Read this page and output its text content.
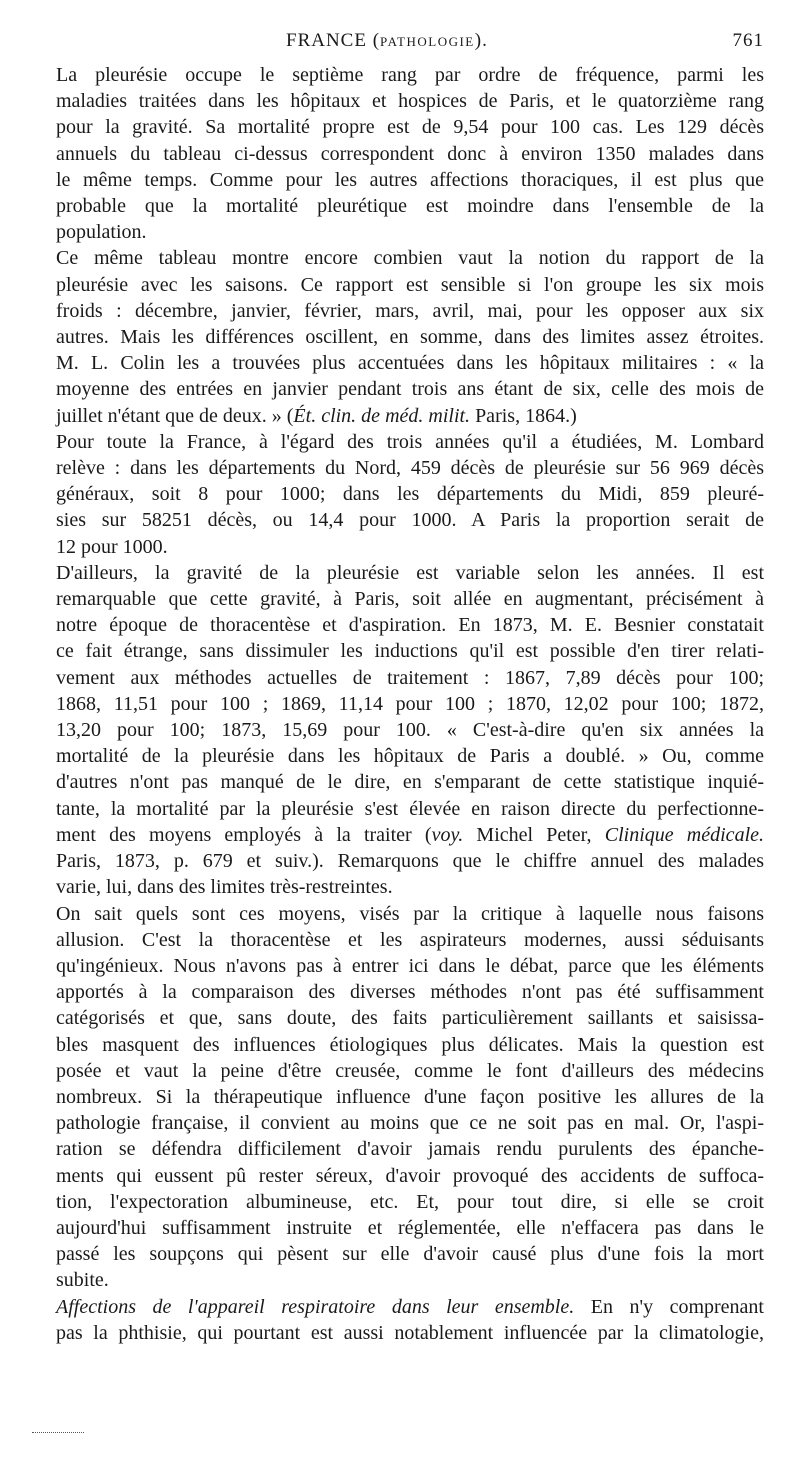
FRANCE (PATHOLOGIE).	761
La pleurésie occupe le septième rang par ordre de fréquence, parmi les
maladies traitées dans les hôpitaux et hospices de Paris, et le quatorzième rang
pour la gravité. Sa mortalité propre est de 9,54 pour 100 cas. Les 129 décès
annuels du tableau ci-dessus correspondent donc à environ 1350 malades dans
le même temps. Comme pour les autres affections thoraciques, il est plus que
probable que la mortalité pleurétique est moindre dans l'ensemble de la
population.
Ce même tableau montre encore combien vaut la notion du rapport de la
pleurésie avec les saisons. Ce rapport est sensible si l'on groupe les six mois
froids : décembre, janvier, février, mars, avril, mai, pour les opposer aux six
autres. Mais les différences oscillent, en somme, dans des limites assez étroites.
M. L. Colin les a trouvées plus accentuées dans les hôpitaux militaires : « la
moyenne des entrées en janvier pendant trois ans étant de six, celle des mois de
juillet n'étant que de deux. » (Ét. clin. de méd. milit. Paris, 1864.)
Pour toute la France, à l'égard des trois années qu'il a étudiées, M. Lombard
relève : dans les départements du Nord, 459 décès de pleurésie sur 56 969 décès
généraux, soit 8 pour 1000; dans les départements du Midi, 859 pleuré-
sies sur 58251 décès, ou 14,4 pour 1000. A Paris la proportion serait de
12 pour 1000.
D'ailleurs, la gravité de la pleurésie est variable selon les années. Il est
remarquable que cette gravité, à Paris, soit allée en augmentant, précisément à
notre époque de thoracentèse et d'aspiration. En 1873, M. E. Besnier constatait
ce fait étrange, sans dissimuler les inductions qu'il est possible d'en tirer relati-
vement aux méthodes actuelles de traitement : 1867, 7,89 décès pour 100;
1868, 11,51 pour 100 ; 1869, 11,14 pour 100 ; 1870, 12,02 pour 100; 1872,
13,20 pour 100; 1873, 15,69 pour 100. « C'est-à-dire qu'en six années la
mortalité de la pleurésie dans les hôpitaux de Paris a doublé. » Ou, comme
d'autres n'ont pas manqué de le dire, en s'emparant de cette statistique inquié-
tante, la mortalité par la pleurésie s'est élevée en raison directe du perfectionne-
ment des moyens employés à la traiter (voy. Michel Peter, Clinique médicale.
Paris, 1873, p. 679 et suiv.). Remarquons que le chiffre annuel des malades
varie, lui, dans des limites très-restreintes.
On sait quels sont ces moyens, visés par la critique à laquelle nous faisons
allusion. C'est la thoracentèse et les aspirateurs modernes, aussi séduisants
qu'ingénieux. Nous n'avons pas à entrer ici dans le débat, parce que les éléments
apportés à la comparaison des diverses méthodes n'ont pas été suffisamment
catégorisés et que, sans doute, des faits particulièrement saillants et saisissa-
bles masquent des influences étiologiques plus délicates. Mais la question est
posée et vaut la peine d'être creusée, comme le font d'ailleurs des médecins
nombreux. Si la thérapeutique influence d'une façon positive les allures de la
pathologie française, il convient au moins que ce ne soit pas en mal. Or, l'aspi-
ration se défendra difficilement d'avoir jamais rendu purulents des épanche-
ments qui eussent pû rester séreux, d'avoir provoqué des accidents de suffoca-
tion, l'expectoration albumineuse, etc. Et, pour tout dire, si elle se croit
aujourd'hui suffisamment instruite et réglementée, elle n'effacera pas dans le
passé les soupçons qui pèsent sur elle d'avoir causé plus d'une fois la mort
subite.
Affections de l'appareil respiratoire dans leur ensemble. En n'y comprenant
pas la phthisie, qui pourtant est aussi notablement influencée par la climatologie,
